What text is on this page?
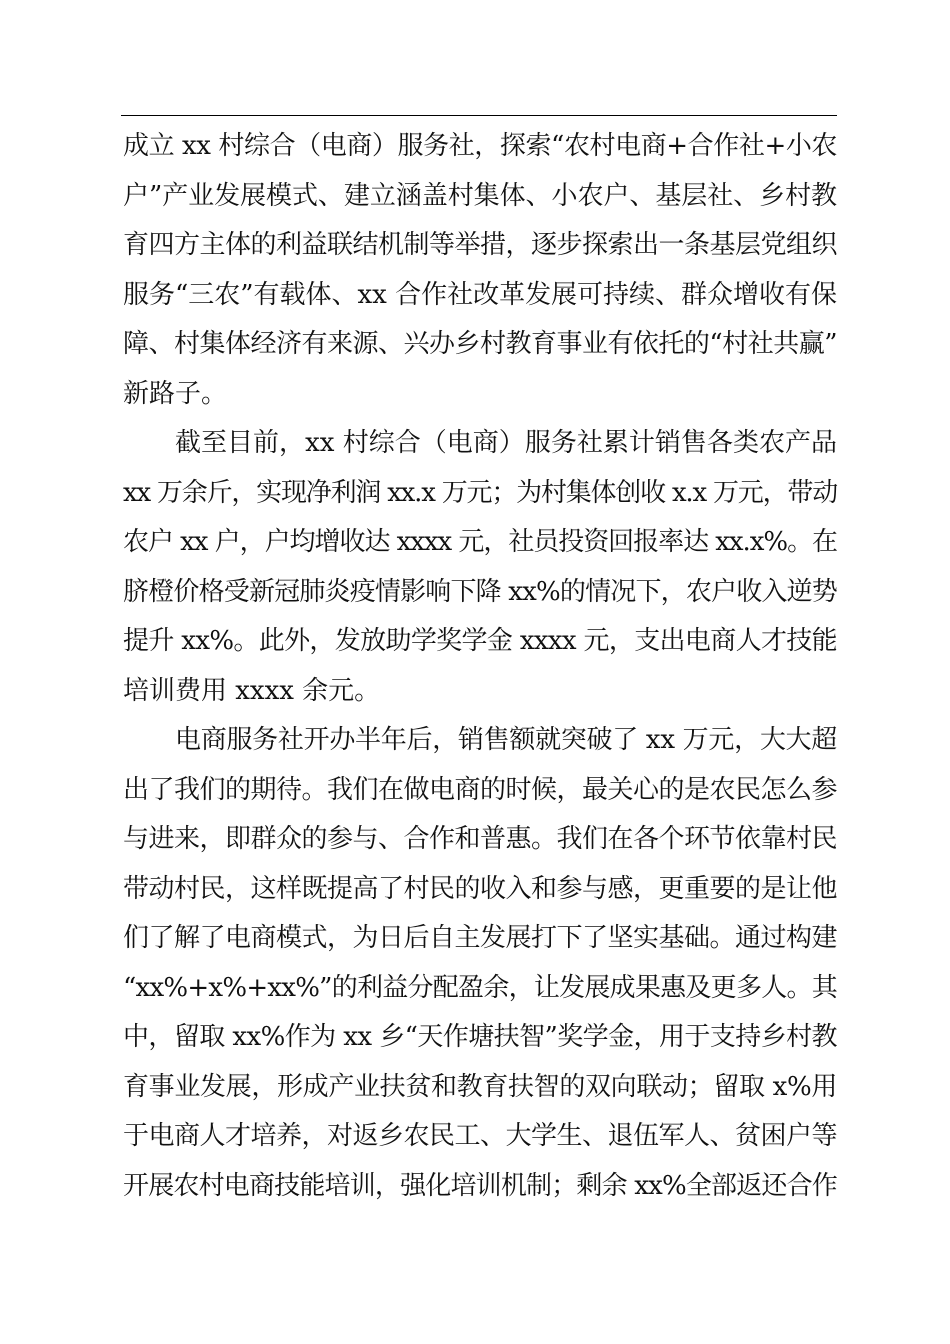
成立 xx 村综合（电商）服务社，探索“农村电商+合作社+小农
户”产业发展模式、建立涵盖村集体、小农户、基层社、乡村教
育四方主体的利益联结机制等举措，逐步探索出一条基层党组织
服务“三农”有载体、xx 合作社改革发展可持续、群众增收有保
障、村集体经济有来源、兴办乡村教育事业有依托的“村社共赢”
新路子。
截至目前，xx 村综合（电商）服务社累计销售各类农产品
xx 万余斤，实现净利润 xx.x 万元；为村集体创收 x.x 万元，带动
农户 xx 户，户均增收达 xxxx 元，社员投资回报率达 xx.x%。在
脐橙价格受新冠肺炎疫情影响下降 xx%的情况下，农户收入逆势
提升 xx%。此外，发放助学奖学金 xxxx 元，支出电商人才技能
培训费用 xxxx 余元。
电商服务社开办半年后，销售额就突破了 xx 万元，大大超
出了我们的期待。我们在做电商的时候，最关心的是农民怎么参
与进来，即群众的参与、合作和普惠。我们在各个环节依靠村民
带动村民，这样既提高了村民的收入和参与感，更重要的是让他
们了解了电商模式，为日后自主发展打下了坚实基础。通过构建
“xx%+x%+xx%”的利益分配盈余，让发展成果惠及更多人。其
中，留取 xx%作为 xx 乡“天作塘扶智”奖学金，用于支持乡村教
育事业发展，形成产业扶贫和教育扶智的双向联动；留取 x%用
于电商人才培养，对返乡农民工、大学生、退伍军人、贫困户等
开展农村电商技能培训，强化培训机制；剩余 xx%全部返还合作
